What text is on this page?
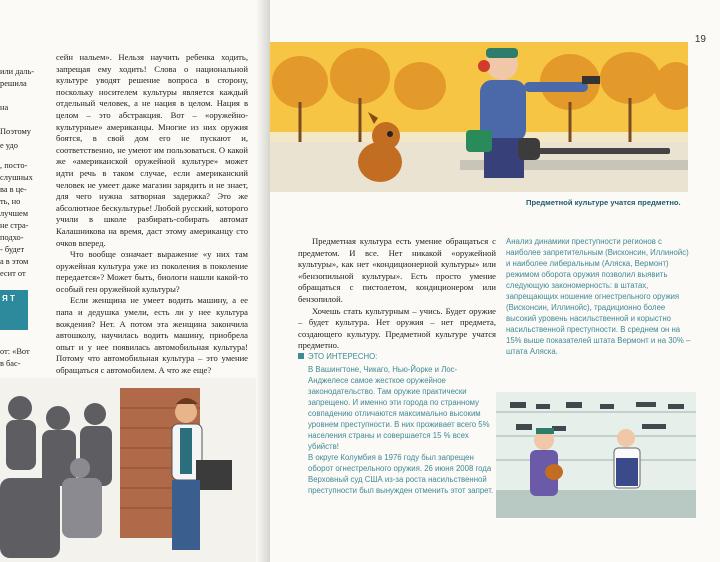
или даль-
решила
на
Поэтому
е удо
, посто-
слушных
ва в це-
ть, но
лучшем
не стра-
подхо-
- будет
а в этом
есит от
Я Т
от: «Вот
в бас-

сейн нальем». Нельзя научить ребенка ходить, запрещая ему ходить! Слова о национальной культуре уводят решение вопроса в сторону, поскольку носителем культуры является каждый отдельный человек, а не нация в целом. Нация в целом – это абстракция. Вот – «оружейно-культурные» американцы. Многие из них оружия боятся, в свой дом его не пускают и, соответственно, не умеют им пользоваться. О какой же «американской оружейной культуре» может идти речь в таком случае, если американский человек не умеет даже магазин зарядить и не знает, для чего нужна затворная задержка? Это же абсолютное бескультурье! Любой русский, которого учили в школе разбирать-собирать автомат Калашникова на время, даст этому американцу сто очков вперед.

Что вообще означает выражение «у них там оружейная культура уже из поколения в поколение передается»? Может быть, биологи нашли какой-то особый ген оружейной культуры?

Если женщина не умеет водить машину, а ее папа и дедушка умели, есть ли у нее культура вождения? Нет. А потом эта женщина закончила автошколу, научилась водить машину, приобрела опыт и у нее появилась автомобильная культура! Потому что автомобильная культура – это умение обращаться с автомобилем. А что же еще?

19
Предметной культуре учатся предметно.

Предметная культура есть умение обращаться с предметом. И все. Нет никакой «оружейной культуры», как нет «кондиционерной культуры» или «бензопильной культуры». Есть просто умение обращаться с пистолетом, кондиционером или бензопилой.

Хочешь стать культурным – учись. Будет оружие – будет культура. Нет оружия – нет предмета, создающего культуру. Предметной культуре учатся предметно.

Анализ динамики преступности регионов с наиболее запретительным (Висконсин, Иллинойс) и наиболее либеральным (Аляска, Вермонт) режимом оборота оружия позволил выявить следующую закономерность: в штатах, запрещающих ношение огнестрельного оружия (Висконсин, Иллинойс), традиционно более высокий уровень насильственной и корыстно насильственной преступности. В среднем он на 15% выше показателей штата Вермонт и на 30% – штата Аляска.

ЭТО ИНТЕРЕСНО:

В Вашингтоне, Чикаго, Нью-Йорке и Лос-Анджелесе самое жесткое оружейное законодательство. Там оружие практически запрещено. И именно эти города по странному совпадению отличаются максимально высоким уровнем преступности. В них проживает всего 5% населения страны и совершается 15 % всех убийств!

В округе Колумбия в 1976 году был запрещен оборот огнестрельного оружия. 26 июня 2008 года Верховный суд США из-за роста насильственной преступности был вынужден отменить этот запрет.
